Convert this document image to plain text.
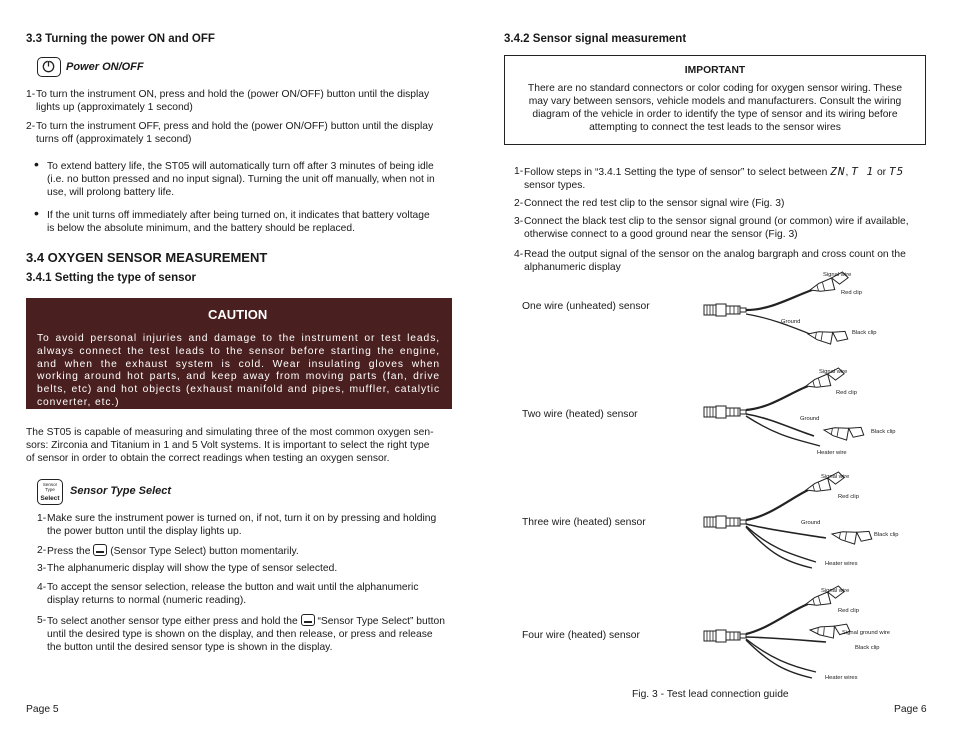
3.3 Turning the power ON and OFF
Power ON/OFF
1- To turn the instrument ON, press and hold the (power ON/OFF) button until the display
lights up (approximately 1 second)
2- To turn the instrument OFF, press and hold the (power ON/OFF) button until the display
turns off (approximately 1 second)
• To extend battery life, the ST05 will automatically turn off after 3 minutes of being idle
(i.e. no button pressed and no input signal). Turning the unit off manually, when not in
use, will prolong battery life.
• If the unit turns off immediately after being turned on, it indicates that battery voltage
is below the absolute minimum, and the battery should be replaced.
3.4 OXYGEN SENSOR MEASUREMENT
3.4.1 Setting the type of sensor
CAUTION
To avoid personal injuries and damage to the instrument or test leads, always connect the test leads to the sensor before starting the engine, and when the exhaust system is cold. Wear insulating gloves when working around hot parts, and keep away from moving parts (fan, drive belts, etc) and hot objects (exhaust manifold and pipes, muffler, catalytic converter, etc.)
The ST05 is capable of measuring and simulating three of the most common oxygen sen-
sors: Zirconia and Titanium in 1 and 5 Volt systems. It is important to select the right type
of sensor in order to obtain the correct readings when testing an oxygen sensor.
Sensor
Type
Select
Sensor Type Select
1- Make sure the instrument power is turned on, if not, turn it on by pressing and holding
the power button until the display lights up.
2- Press the (Sensor Type Select) button momentarily.
3- The alphanumeric display will show the type of sensor selected.
4- To accept the sensor selection, release the button and wait until the alphanumeric
display returns to normal (numeric reading).
5- To select another sensor type either press and hold the “Sensor Type Select” button
until the desired type is shown on the display, and then release, or press and release
the button until the desired sensor type is shown in the display.
Page 5
3.4.2 Sensor signal measurement
IMPORTANT
There are no standard connectors or color coding for oxygen sensor wiring. These
may vary between sensors, vehicle models and manufacturers. Consult the wiring
diagram of the vehicle in order to identify the type of sensor and its wiring before
attempting to connect the test leads to the sensor wires
1- Follow steps in “3.4.1 Setting the type of sensor” to select between ZN, T 1 or T5
sensor types.
2- Connect the red test clip to the sensor signal wire (Fig. 3)
3- Connect the black test clip to the sensor signal ground (or common) wire if available,
otherwise connect to a good ground near the sensor (Fig. 3)
4- Read the output signal of the sensor on the analog bargraph and cross count on the
alphanumeric display
One wire (unheated) sensor
Two wire (heated) sensor
Three wire (heated) sensor
Four wire (heated) sensor
Signal wire
Red clip
Ground
Black clip
Signal wire
Red clip
Ground
Black clip
Heater wire
Signal wire
Red clip
Ground
Black clip
Heater wires
Signal wire
Red clip
Signal ground wire
Black clip
Heater wires
Fig. 3 - Test lead connection guide
Page 6
